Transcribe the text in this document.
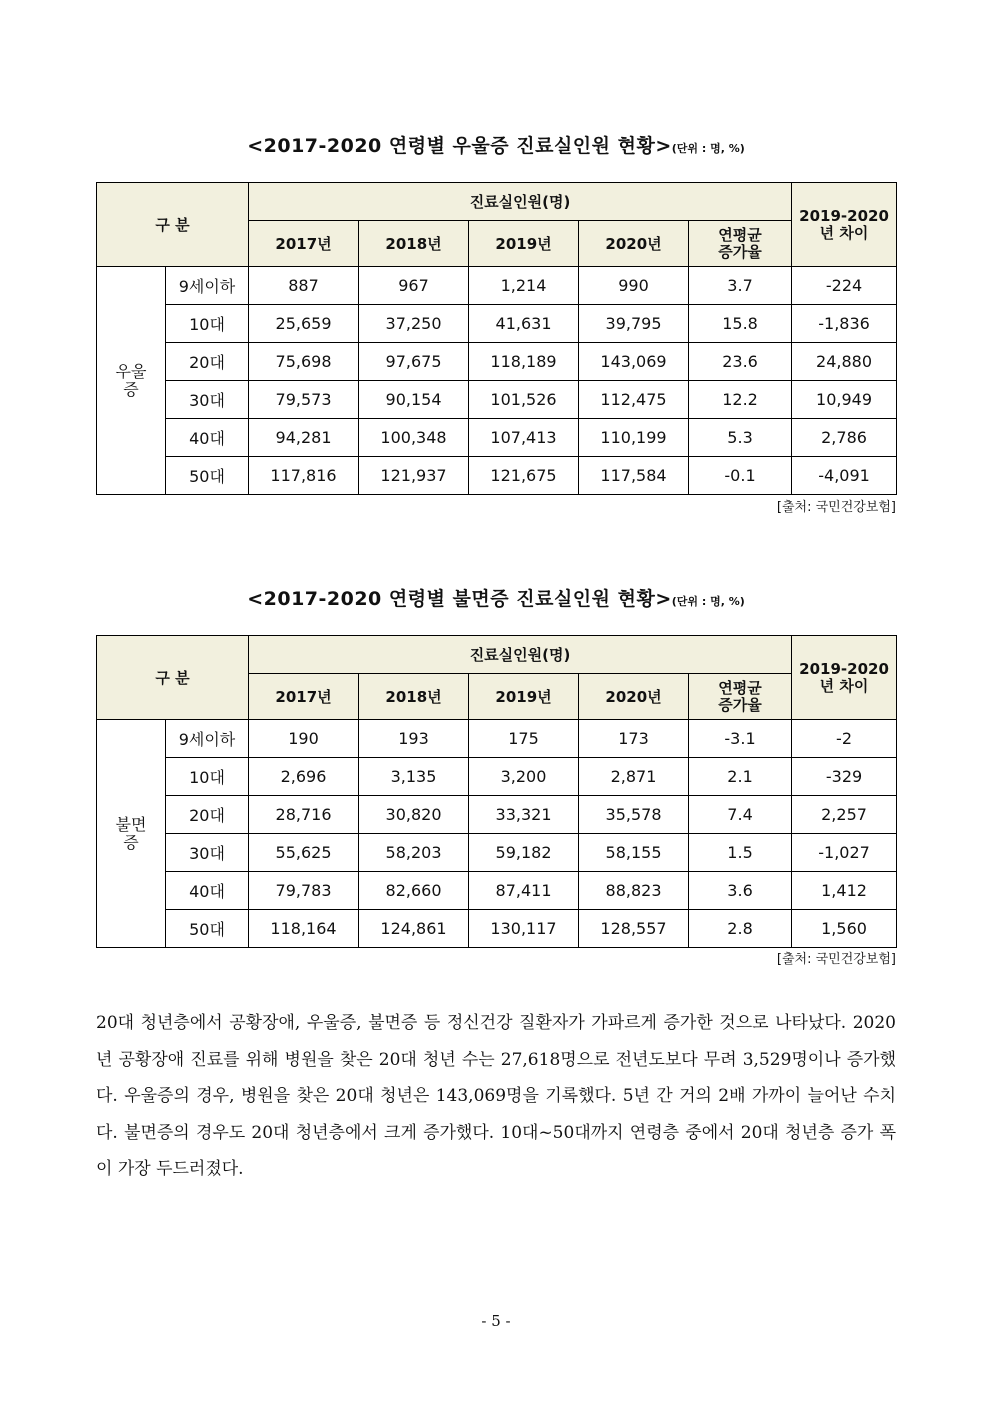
<2017-2020 연령별 우울증 진료실인원 현황>(단위 : 명, %)
구 분		진료실인원(명)					2019-2020
년 차이
		2017년	2018년	2019년	2020년	연평균
증가율	
우울
증	9세이하	887	967	1,214	990	3.7	-224
	10대	25,659	37,250	41,631	39,795	15.8	-1,836
	20대	75,698	97,675	118,189	143,069	23.6	24,880
	30대	79,573	90,154	101,526	112,475	12.2	10,949
	40대	94,281	100,348	107,413	110,199	5.3	2,786
	50대	117,816	121,937	121,675	117,584	-0.1	-4,091
[출처: 국민건강보험]
<2017-2020 연령별 불면증 진료실인원 현황>(단위 : 명, %)
구 분		진료실인원(명)					2019-2020
년 차이
		2017년	2018년	2019년	2020년	연평균
증가율	
불면
증	9세이하	190	193	175	173	-3.1	-2
	10대	2,696	3,135	3,200	2,871	2.1	-329
	20대	28,716	30,820	33,321	35,578	7.4	2,257
	30대	55,625	58,203	59,182	58,155	1.5	-1,027
	40대	79,783	82,660	87,411	88,823	3.6	1,412
	50대	118,164	124,861	130,117	128,557	2.8	1,560
[출처: 국민건강보험]

20대 청년층에서 공황장애, 우울증, 불면증 등 정신건강 질환자가 가파르게 증가한 것으로 나타났다. 2020년 공황장애 진료를 위해 병원을 찾은 20대 청년 수는 27,618명으로 전년도보다 무려 3,529명이나 증가했다. 우울증의 경우, 병원을 찾은 20대 청년은 143,069명을 기록했다. 5년 간 거의 2배 가까이 늘어난 수치다. 불면증의 경우도 20대 청년층에서 크게 증가했다. 10대~50대까지 연령층 중에서 20대 청년층 증가 폭이 가장 두드러졌다.

- 5 -
